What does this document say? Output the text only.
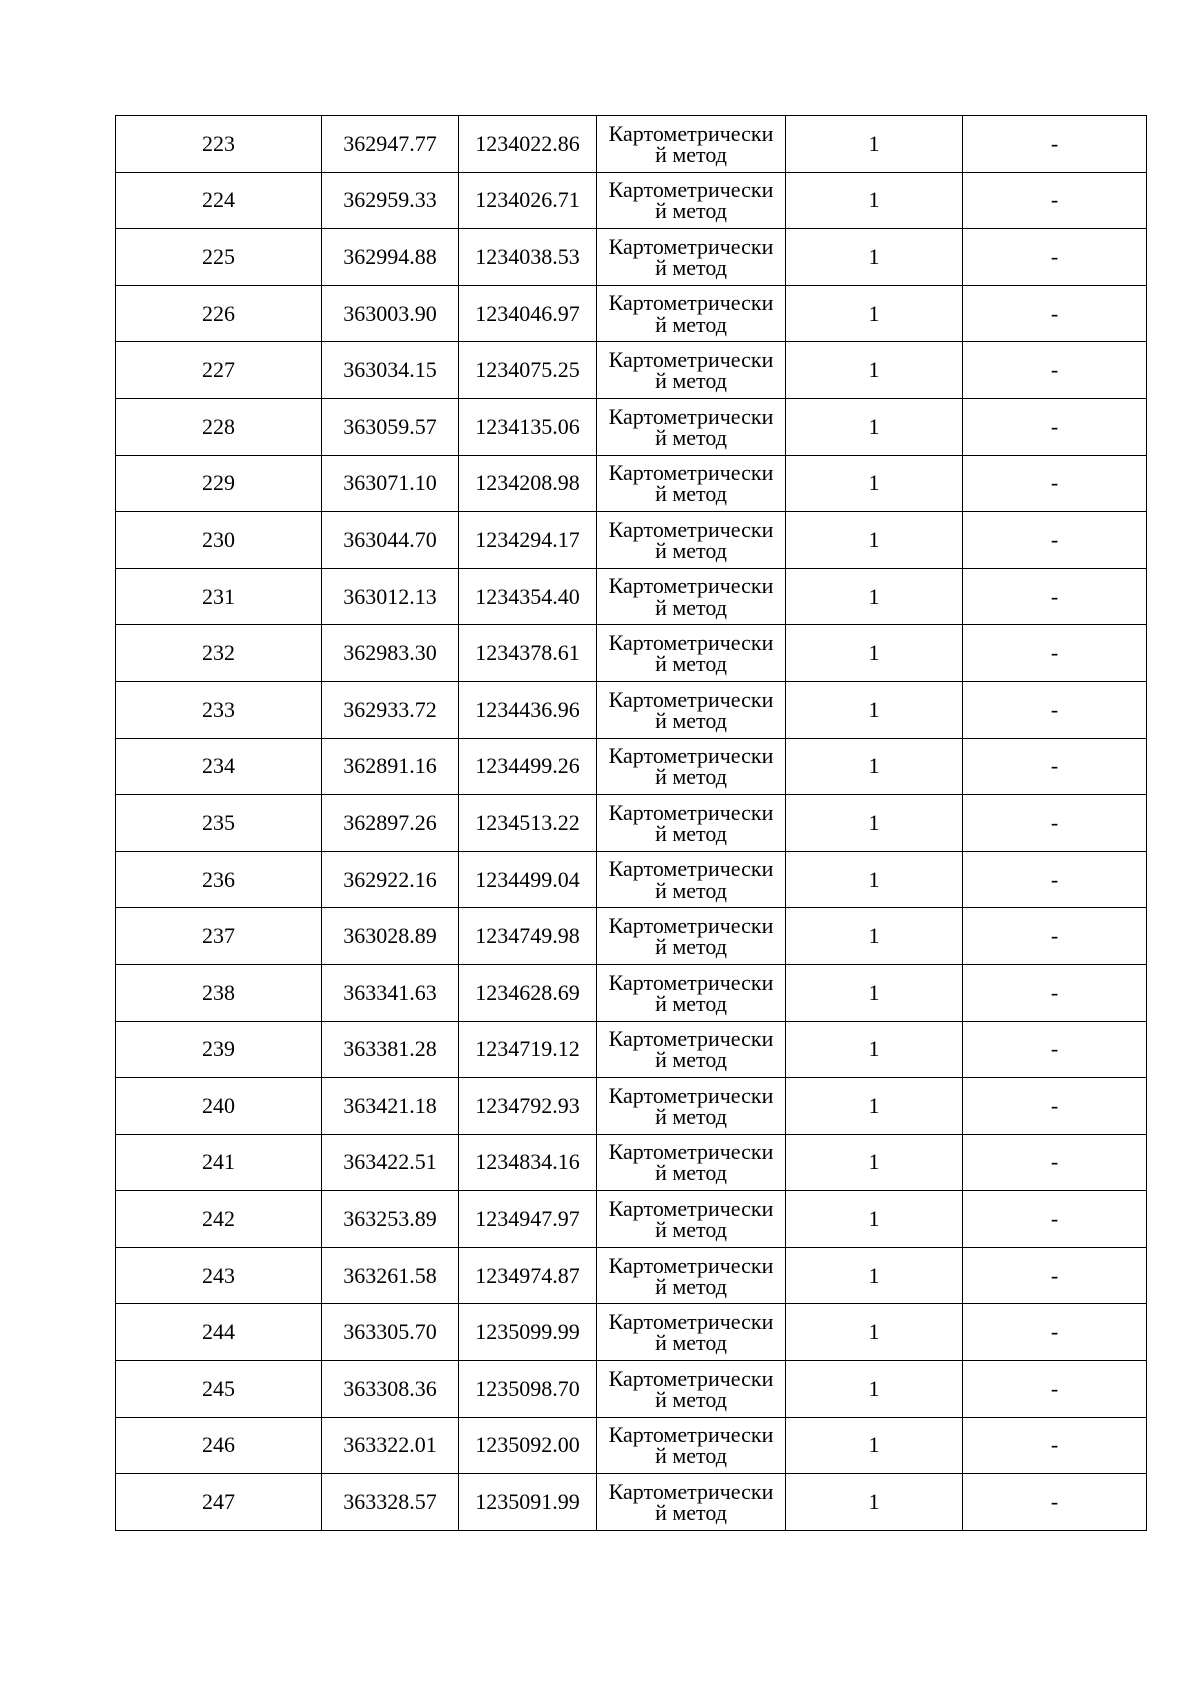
223	362947.77	1234022.86	Картометрически
й метод	1	-
224	362959.33	1234026.71	Картометрически
й метод	1	-
225	362994.88	1234038.53	Картометрически
й метод	1	-
226	363003.90	1234046.97	Картометрически
й метод	1	-
227	363034.15	1234075.25	Картометрически
й метод	1	-
228	363059.57	1234135.06	Картометрически
й метод	1	-
229	363071.10	1234208.98	Картометрически
й метод	1	-
230	363044.70	1234294.17	Картометрически
й метод	1	-
231	363012.13	1234354.40	Картометрически
й метод	1	-
232	362983.30	1234378.61	Картометрически
й метод	1	-
233	362933.72	1234436.96	Картометрически
й метод	1	-
234	362891.16	1234499.26	Картометрически
й метод	1	-
235	362897.26	1234513.22	Картометрически
й метод	1	-
236	362922.16	1234499.04	Картометрически
й метод	1	-
237	363028.89	1234749.98	Картометрически
й метод	1	-
238	363341.63	1234628.69	Картометрически
й метод	1	-
239	363381.28	1234719.12	Картометрически
й метод	1	-
240	363421.18	1234792.93	Картометрически
й метод	1	-
241	363422.51	1234834.16	Картометрически
й метод	1	-
242	363253.89	1234947.97	Картометрически
й метод	1	-
243	363261.58	1234974.87	Картометрически
й метод	1	-
244	363305.70	1235099.99	Картометрически
й метод	1	-
245	363308.36	1235098.70	Картометрически
й метод	1	-
246	363322.01	1235092.00	Картометрически
й метод	1	-
247	363328.57	1235091.99	Картометрически
й метод	1	-
